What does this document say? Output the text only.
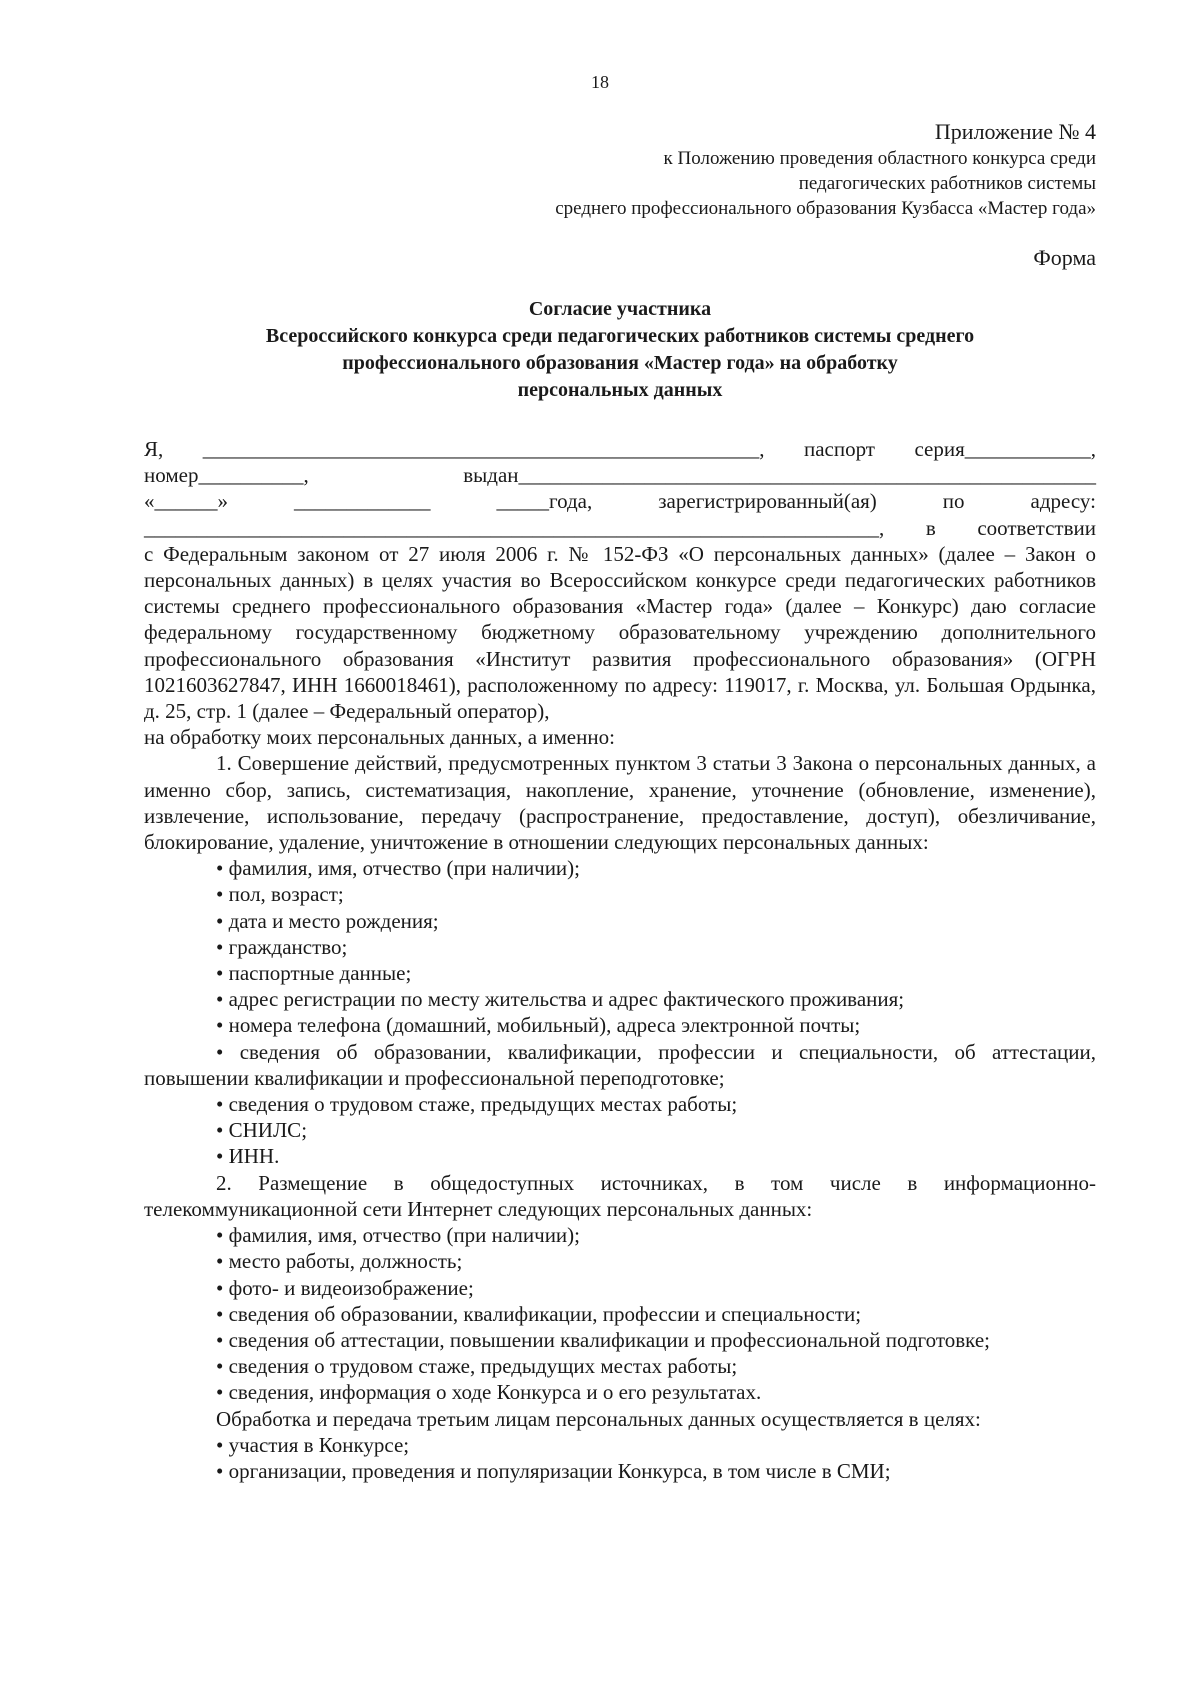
18
Приложение № 4
к Положению проведения областного конкурса среди
педагогических работников системы
среднего профессионального образования Кузбасса «Мастер года»
Форма
Согласие участника
Всероссийского конкурса среди педагогических работников системы среднего
профессионального образования «Мастер года» на обработку
персональных данных

Я, _____________________________________________________, паспорт серия____________,

номер__________, выдан_______________________________________________________

«______» _____________ _____года, зарегистрированный(ая) по адресу:

______________________________________________________________________, в соответствии

с Федеральным законом от 27 июля 2006 г. № 152-ФЗ «О персональных данных» (далее – Закон о персональных данных) в целях участия во Всероссийском конкурсе среди педагогических работников системы среднего профессионального образования «Мастер года» (далее – Конкурс) даю согласие федеральному государственному бюджетному образовательному учреждению дополнительного профессионального образования «Институт развития профессионального образования» (ОГРН 1021603627847, ИНН 1660018461), расположенному по адресу: 119017, г. Москва, ул. Большая Ордынка, д. 25, стр. 1 (далее – Федеральный оператор),

на обработку моих персональных данных, а именно:

1. Совершение действий, предусмотренных пунктом 3 статьи 3 Закона о персональных данных, а именно сбор, запись, систематизация, накопление, хранение, уточнение (обновление, изменение), извлечение, использование, передачу (распространение, предоставление, доступ), обезличивание, блокирование, удаление, уничтожение в отношении следующих персональных данных:

• фамилия, имя, отчество (при наличии);

• пол, возраст;

• дата и место рождения;

• гражданство;

• паспортные данные;

• адрес регистрации по месту жительства и адрес фактического проживания;

• номера телефона (домашний, мобильный), адреса электронной почты;

• сведения об образовании, квалификации, профессии и специальности, об аттестации, повышении квалификации и профессиональной переподготовке;

• сведения о трудовом стаже, предыдущих местах работы;

• СНИЛС;

• ИНН.

2. Размещение в общедоступных источниках, в том числе в информационно-телекоммуникационной сети Интернет следующих персональных данных:

• фамилия, имя, отчество (при наличии);

• место работы, должность;

• фото- и видеоизображение;

• сведения об образовании, квалификации, профессии и специальности;

• сведения об аттестации, повышении квалификации и профессиональной подготовке;

• сведения о трудовом стаже, предыдущих местах работы;

• сведения, информация о ходе Конкурса и о его результатах.

Обработка и передача третьим лицам персональных данных осуществляется в целях:

• участия в Конкурсе;

• организации, проведения и популяризации Конкурса, в том числе в СМИ;
